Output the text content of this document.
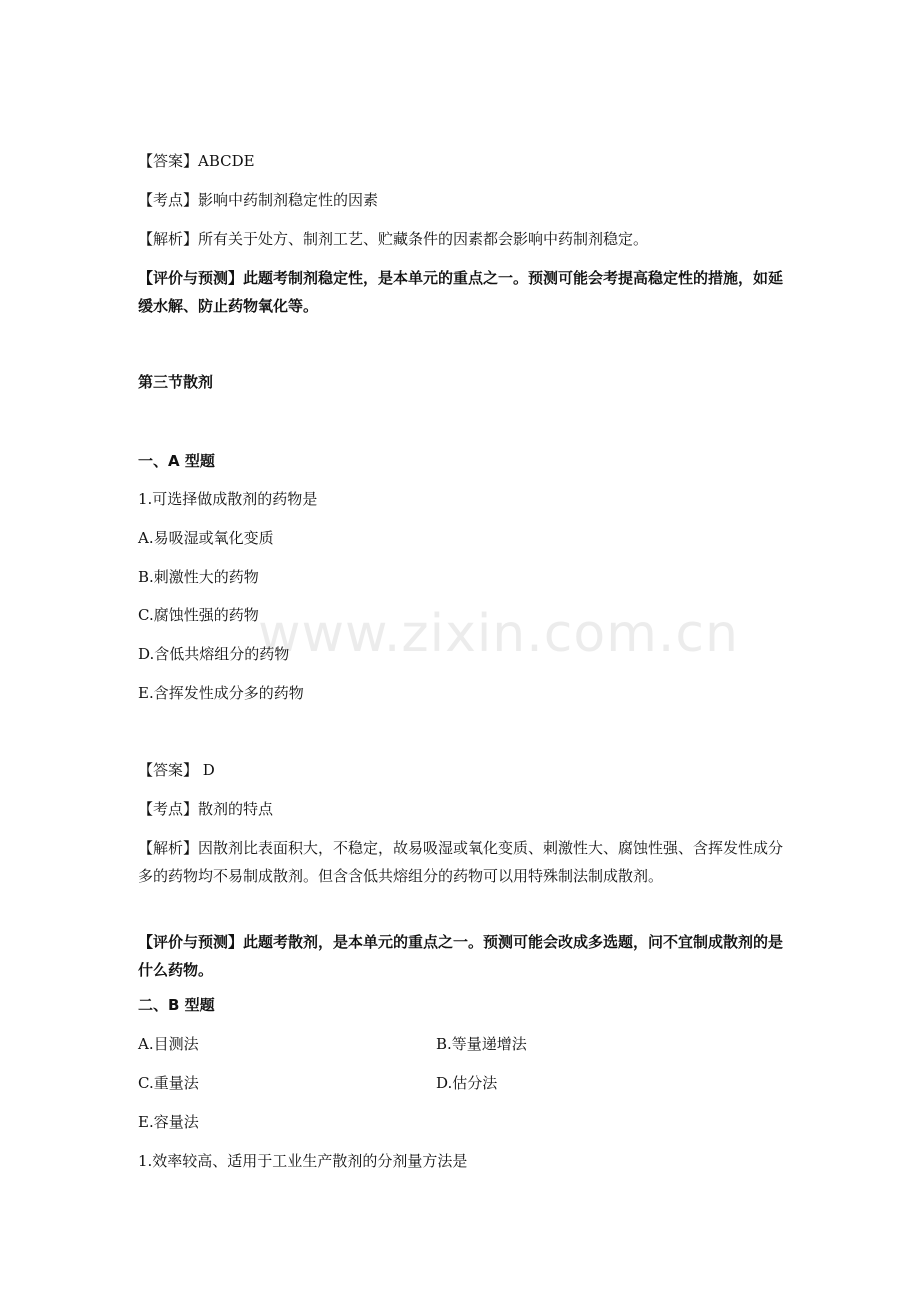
www.zixin.com.cn
【答案】ABCDE
【考点】影响中药制剂稳定性的因素
【解析】所有关于处方、制剂工艺、贮藏条件的因素都会影响中药制剂稳定。
【评价与预测】此题考制剂稳定性，是本单元的重点之一。预测可能会考提高稳定性的措施，如延缓水解、防止药物氧化等。
第三节散剂
一、A 型题
1.可选择做成散剂的药物是
A.易吸湿或氧化变质
B.刺激性大的药物
C.腐蚀性强的药物
D.含低共熔组分的药物
E.含挥发性成分多的药物
【答案】 D
【考点】散剂的特点
【解析】因散剂比表面积大，不稳定，故易吸湿或氧化变质、刺激性大、腐蚀性强、含挥发性成分多的药物均不易制成散剂。但含含低共熔组分的药物可以用特殊制法制成散剂。
【评价与预测】此题考散剂，是本单元的重点之一。预测可能会改成多选题，问不宜制成散剂的是什么药物。
二、B 型题
A.目测法	B.等量递增法
C.重量法	D.估分法
E.容量法
1.效率较高、适用于工业生产散剂的分剂量方法是
